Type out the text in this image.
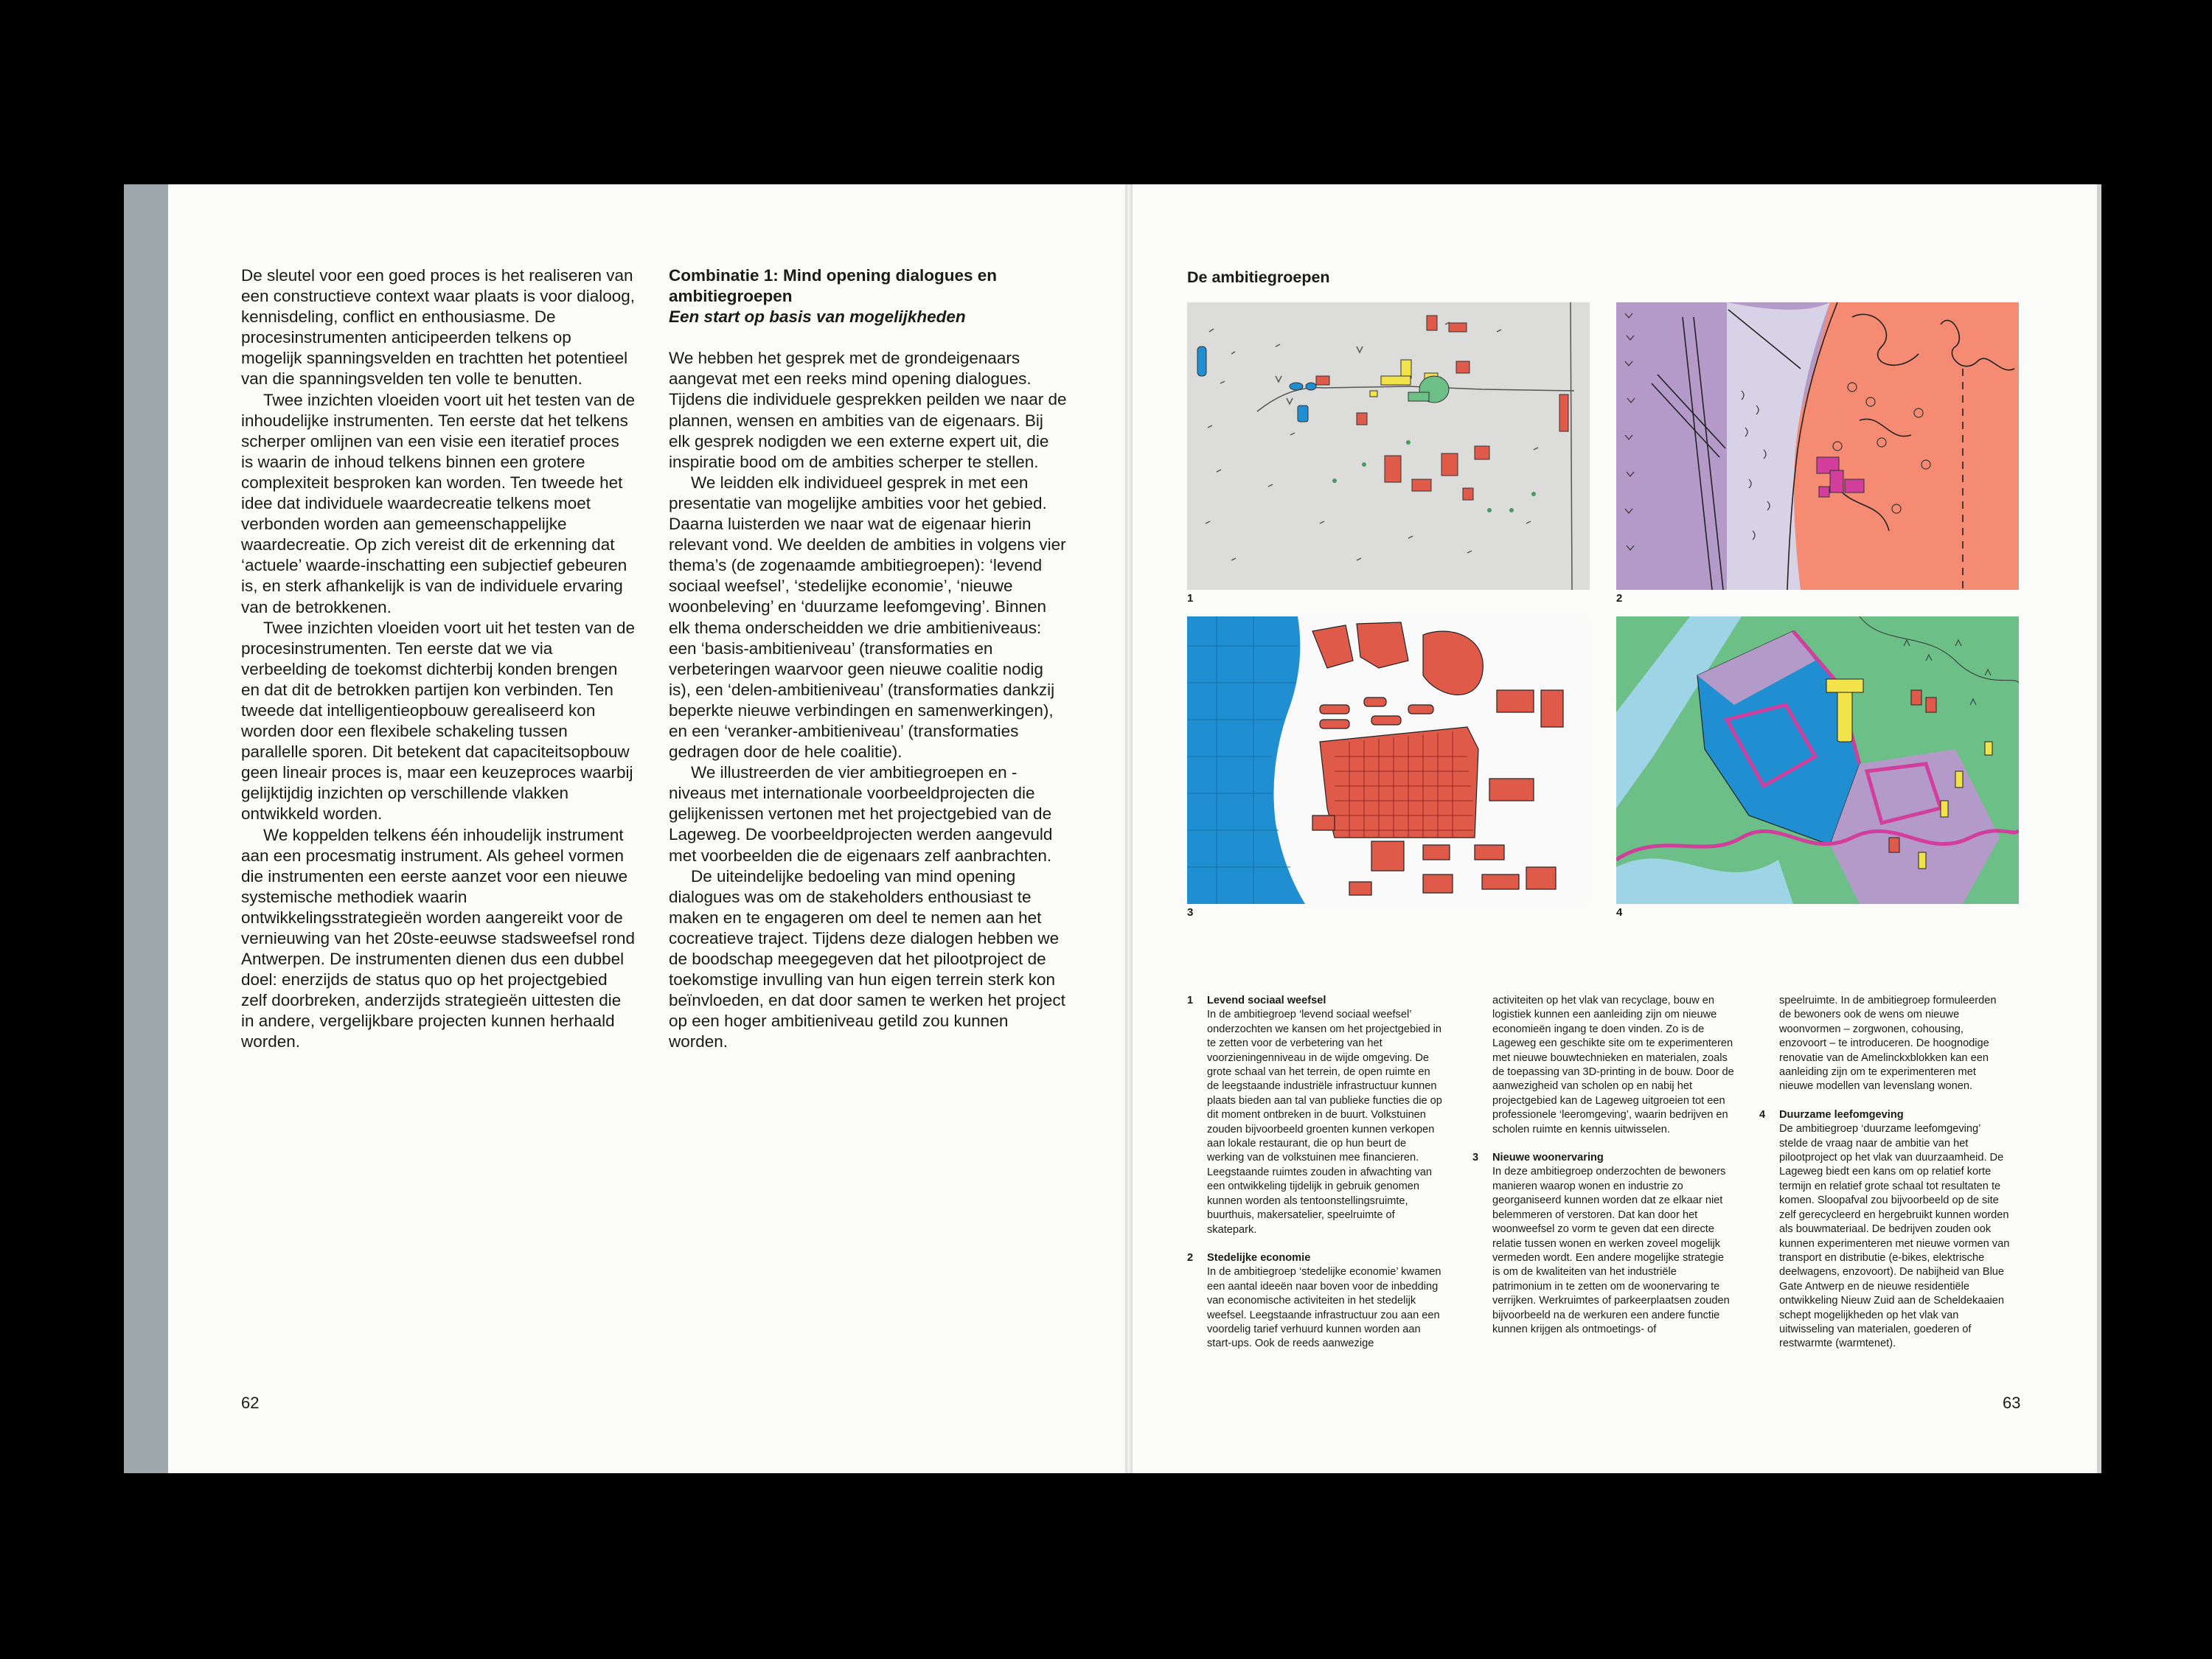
De sleutel voor een goed proces is het realiseren van een constructieve context waar plaats is voor dialoog, kennisdeling, conflict en enthousiasme. De procesinstrumenten anticipeerden telkens op mogelijk spanningsvelden en trachtten het potentieel van die spanningsvelden ten volle te benutten.

Twee inzichten vloeiden voort uit het testen van de inhoudelijke instrumenten. Ten eerste dat het telkens scherper omlijnen van een visie een iteratief proces is waarin de inhoud telkens binnen een grotere complexiteit besproken kan worden. Ten tweede het idee dat individuele waardecreatie telkens moet verbonden worden aan gemeenschappelijke waardecreatie. Op zich vereist dit de erkenning dat ‘actuele’ waarde-inschatting een subjectief gebeuren is, en sterk afhankelijk is van de individuele ervaring van de betrokkenen.

Twee inzichten vloeiden voort uit het testen van de procesinstrumenten. Ten eerste dat we via verbeelding de toekomst dichterbij konden brengen en dat dit de betrokken partijen kon verbinden. Ten tweede dat intelligentieopbouw gerealiseerd kon worden door een flexibele schakeling tussen parallelle sporen. Dit betekent dat capaciteitsopbouw geen lineair proces is, maar een keuzeproces waarbij gelijktijdig inzichten op verschillende vlakken ontwikkeld worden.

We koppelden telkens één inhoudelijk instrument aan een procesmatig instrument. Als geheel vormen die instrumenten een eerste aanzet voor een nieuwe systemische methodiek waarin ontwikkelingsstrategieën worden aangereikt voor de vernieuwing van het 20ste-eeuwse stadsweefsel rond Antwerpen. De instrumenten dienen dus een dubbel doel: enerzijds de status quo op het projectgebied zelf doorbreken, anderzijds strategieën uittesten die in andere, vergelijkbare projecten kunnen herhaald worden.

Combinatie 1: Mind opening dialogues en ambitiegroepen

Een start op basis van mogelijkheden

We hebben het gesprek met de grondeigenaars aangevat met een reeks mind opening dialogues. Tijdens die individuele gesprekken peilden we naar de plannen, wensen en ambities van de eigenaars. Bij elk gesprek nodigden we een externe expert uit, die inspiratie bood om de ambities scherper te stellen.

We leidden elk individueel gesprek in met een presentatie van mogelijke ambities voor het gebied. Daarna luisterden we naar wat de eigenaar hierin relevant vond. We deelden de ambities in volgens vier thema’s (de zogenaamde ambitiegroepen): ‘levend sociaal weefsel’, ‘stedelijke economie’, ‘nieuwe woonbeleving’ en ‘duurzame leefomgeving’. Binnen elk thema onderscheidden we drie ambitieniveaus: een ‘basis-ambitieniveau’ (transformaties en verbeteringen waarvoor geen nieuwe coalitie nodig is), een ‘delen-ambitieniveau’ (transformaties dankzij beperkte nieuwe verbindingen en samenwerkingen), en een ‘veranker-ambitieniveau’ (transformaties gedragen door de hele coalitie).

We illustreerden de vier ambitiegroepen en -niveaus met internationale voorbeeldprojecten die gelijkenissen vertonen met het projectgebied van de Lageweg. De voorbeeldprojecten werden aangevuld met voorbeelden die de eigenaars zelf aanbrachten.

De uiteindelijke bedoeling van mind opening dialogues was om de stakeholders enthousiast te maken en te engageren om deel te nemen aan het cocreatieve traject. Tijdens deze dialogen hebben we de boodschap meegegeven dat het pilootproject de toekomstige invulling van hun eigen terrein sterk kon beïnvloeden, en dat door samen te werken het project op een hoger ambitieniveau getild zou kunnen worden.

62
De ambitiegroepen
1	2
3	4
1 Levend sociaal weefsel

In de ambitiegroep ‘levend sociaal weefsel’ onderzochten we kansen om het projectgebied in te zetten voor de verbetering van het voorzieningenniveau in de wijde omgeving. De grote schaal van het terrein, de open ruimte en de leegstaande industriële infrastructuur kunnen plaats bieden aan tal van publieke functies die op dit moment ontbreken in de buurt. Volkstuinen zouden bijvoorbeeld groenten kunnen verkopen aan lokale restaurant, die op hun beurt de werking van de volkstuinen mee financieren. Leegstaande ruimtes zouden in afwachting van een ontwikkeling tijdelijk in gebruik genomen kunnen worden als tentoonstellingsruimte, buurthuis, makersatelier, speelruimte of skatepark.

2 Stedelijke economie

In de ambitiegroep ‘stedelijke economie’ kwamen een aantal ideeën naar boven voor de inbedding van economische activiteiten in het stedelijk weefsel. Leegstaande infrastructuur zou aan een voordelig tarief verhuurd kunnen worden aan start-ups. Ook de reeds aanwezige

activiteiten op het vlak van recyclage, bouw en logistiek kunnen een aanleiding zijn om nieuwe economieën ingang te doen vinden. Zo is de Lageweg een geschikte site om te experimenteren met nieuwe bouwtechnieken en materialen, zoals de toepassing van 3D-printing in de bouw. Door de aanwezigheid van scholen op en nabij het projectgebied kan de Lageweg uitgroeien tot een professionele ‘leeromgeving’, waarin bedrijven en scholen ruimte en kennis uitwisselen.

3 Nieuwe woonervaring

In deze ambitiegroep onderzochten de bewoners manieren waarop wonen en industrie zo georganiseerd kunnen worden dat ze elkaar niet belemmeren of verstoren. Dat kan door het woonweefsel zo vorm te geven dat een directe relatie tussen wonen en werken zoveel mogelijk vermeden wordt. Een andere mogelijke strategie is om de kwaliteiten van het industriële patrimonium in te zetten om de woonervaring te verrijken. Werkruimtes of parkeerplaatsen zouden bijvoorbeeld na de werkuren een andere functie kunnen krijgen als ontmoetings- of

speelruimte. In de ambitiegroep formuleerden de bewoners ook de wens om nieuwe woonvormen – zorgwonen, cohousing, enzovoort – te introduceren. De hoognodige renovatie van de Amelinckxblokken kan een aanleiding zijn om te experimenteren met nieuwe modellen van levenslang wonen.

4 Duurzame leefomgeving

De ambitiegroep ‘duurzame leefomgeving’ stelde de vraag naar de ambitie van het pilootproject op het vlak van duurzaamheid. De Lageweg biedt een kans om op relatief korte termijn en relatief grote schaal tot resultaten te komen. Sloopafval zou bijvoorbeeld op de site zelf gerecycleerd en hergebruikt kunnen worden als bouwmateriaal. De bedrijven zouden ook kunnen experimenteren met nieuwe vormen van transport en distributie (e-bikes, elektrische deelwagens, enzovoort). De nabijheid van Blue Gate Antwerp en de nieuwe residentiële ontwikkeling Nieuw Zuid aan de Scheldekaaien schept mogelijkheden op het vlak van uitwisseling van materialen, goederen of restwarmte (warmtenet).

63
